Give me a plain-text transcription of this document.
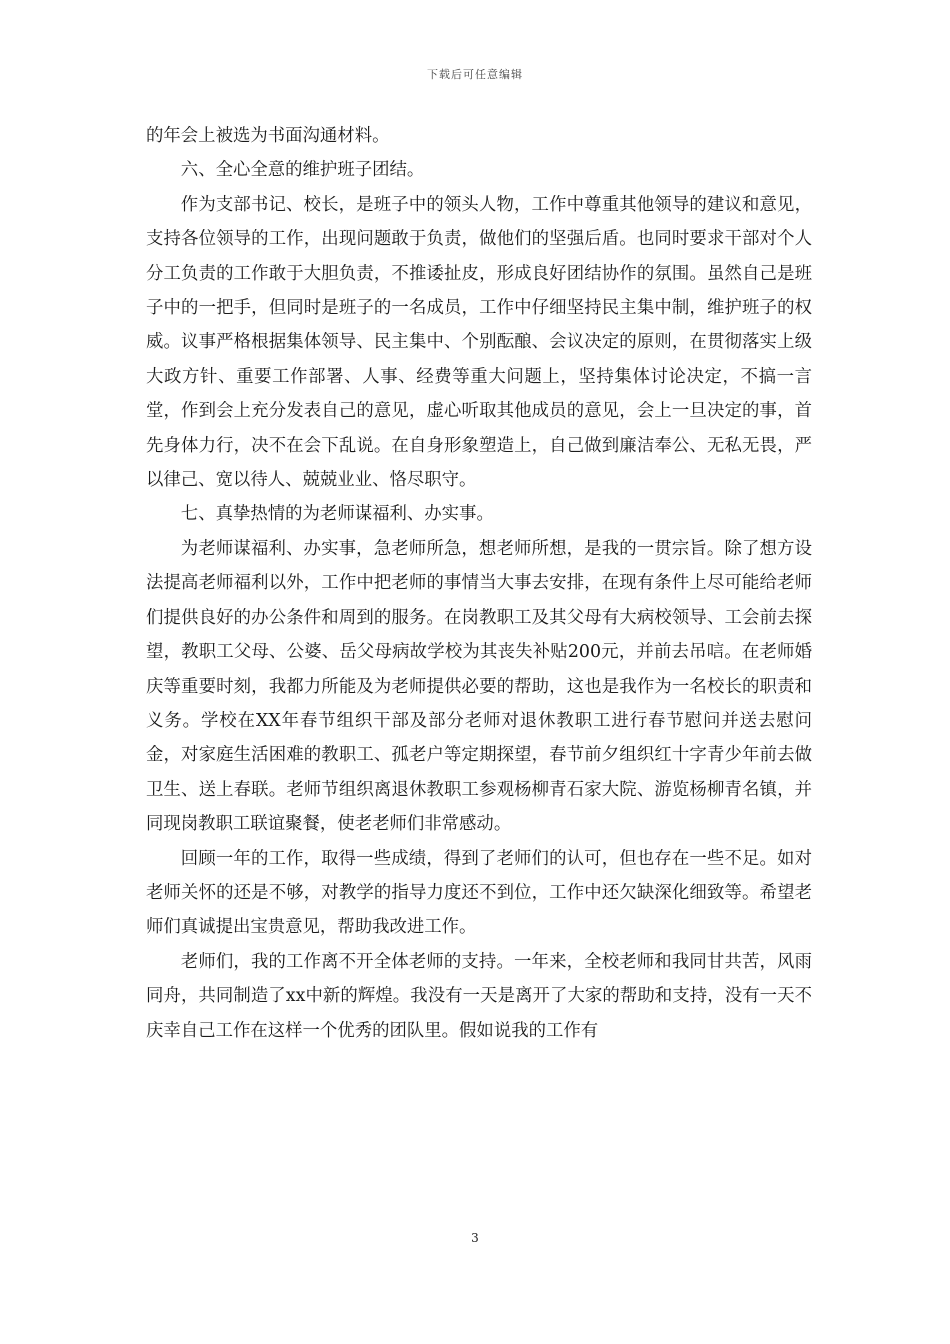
下载后可任意编辑

的年会上被选为书面沟通材料。

六、全心全意的维护班子团结。

作为支部书记、校长，是班子中的领头人物，工作中尊重其他领导的建议和意见，支持各位领导的工作，出现问题敢于负责，做他们的坚强后盾。也同时要求干部对个人分工负责的工作敢于大胆负责，不推诿扯皮，形成良好团结协作的氛围。虽然自己是班子中的一把手，但同时是班子的一名成员，工作中仔细坚持民主集中制，维护班子的权威。议事严格根据集体领导、民主集中、个别酝酿、会议决定的原则，在贯彻落实上级大政方针、重要工作部署、人事、经费等重大问题上，坚持集体讨论决定，不搞一言堂，作到会上充分发表自己的意见，虚心听取其他成员的意见，会上一旦决定的事，首先身体力行，决不在会下乱说。在自身形象塑造上，自己做到廉洁奉公、无私无畏，严以律己、宽以待人、兢兢业业、恪尽职守。

七、真挚热情的为老师谋福利、办实事。

为老师谋福利、办实事，急老师所急，想老师所想，是我的一贯宗旨。除了想方设法提高老师福利以外，工作中把老师的事情当大事去安排，在现有条件上尽可能给老师们提供良好的办公条件和周到的服务。在岗教职工及其父母有大病校领导、工会前去探望，教职工父母、公婆、岳父母病故学校为其丧失补贴200元，并前去吊唁。在老师婚庆等重要时刻，我都力所能及为老师提供必要的帮助，这也是我作为一名校长的职责和义务。学校在XX年春节组织干部及部分老师对退休教职工进行春节慰问并送去慰问金，对家庭生活困难的教职工、孤老户等定期探望，春节前夕组织红十字青少年前去做卫生、送上春联。老师节组织离退休教职工参观杨柳青石家大院、游览杨柳青名镇，并同现岗教职工联谊聚餐，使老老师们非常感动。

回顾一年的工作，取得一些成绩，得到了老师们的认可，但也存在一些不足。如对老师关怀的还是不够，对教学的指导力度还不到位，工作中还欠缺深化细致等。希望老师们真诚提出宝贵意见，帮助我改进工作。

老师们，我的工作离不开全体老师的支持。一年来，全校老师和我同甘共苦，风雨同舟，共同制造了xx中新的辉煌。我没有一天是离开了大家的帮助和支持，没有一天不庆幸自己工作在这样一个优秀的团队里。假如说我的工作有

3
